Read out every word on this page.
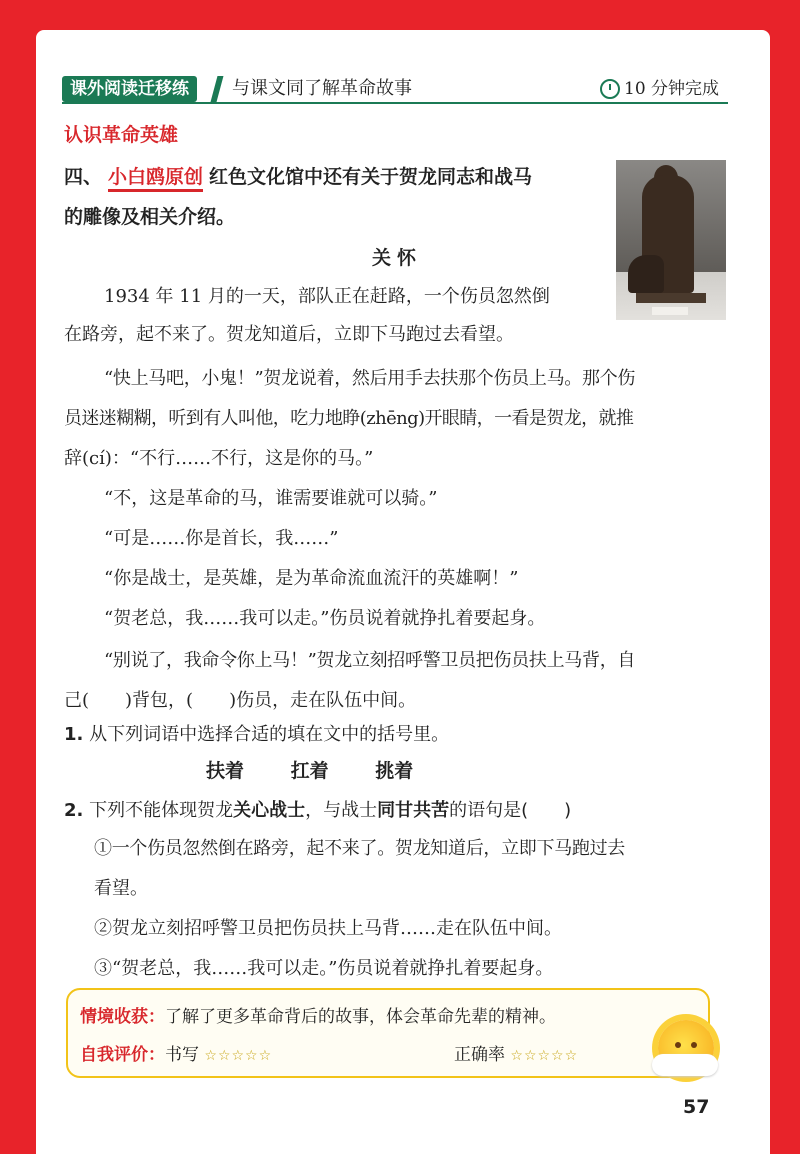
课外阅读迁移练	与课文同了解革命故事	10 分钟完成
认识革命英雄
四、 小白鸥原创 红色文化馆中还有关于贺龙同志和战马
的雕像及相关介绍。
关怀
1934 年 11 月的一天，部队正在赶路，一个伤员忽然倒
在路旁，起不来了。贺龙知道后，立即下马跑过去看望。
“快上马吧，小鬼！”贺龙说着，然后用手去扶那个伤员上马。那个伤
员迷迷糊糊，听到有人叫他，吃力地睁(zhēng)开眼睛，一看是贺龙，就推
辞(cí)：“不行……不行，这是你的马。”
“不，这是革命的马，谁需要谁就可以骑。”
“可是……你是首长，我……”
“你是战士，是英雄，是为革命流血流汗的英雄啊！”
“贺老总，我……我可以走。”伤员说着就挣扎着要起身。
“别说了，我命令你上马！”贺龙立刻招呼警卫员把伤员扶上马背，自
己(　　)背包，(　　)伤员，走在队伍中间。
1. 从下列词语中选择合适的填在文中的括号里。
扶着 扛着 挑着
2. 下列不能体现贺龙关心战士，与战士同甘共苦的语句是(　　)
①一个伤员忽然倒在路旁，起不来了。贺龙知道后，立即下马跑过去
看望。
②贺龙立刻招呼警卫员把伤员扶上马背……走在队伍中间。
③“贺老总，我……我可以走。”伤员说着就挣扎着要起身。
情境收获：了解了更多革命背后的故事，体会革命先辈的精神。
自我评价：书写 ☆☆☆☆☆	正确率 ☆☆☆☆☆
57
